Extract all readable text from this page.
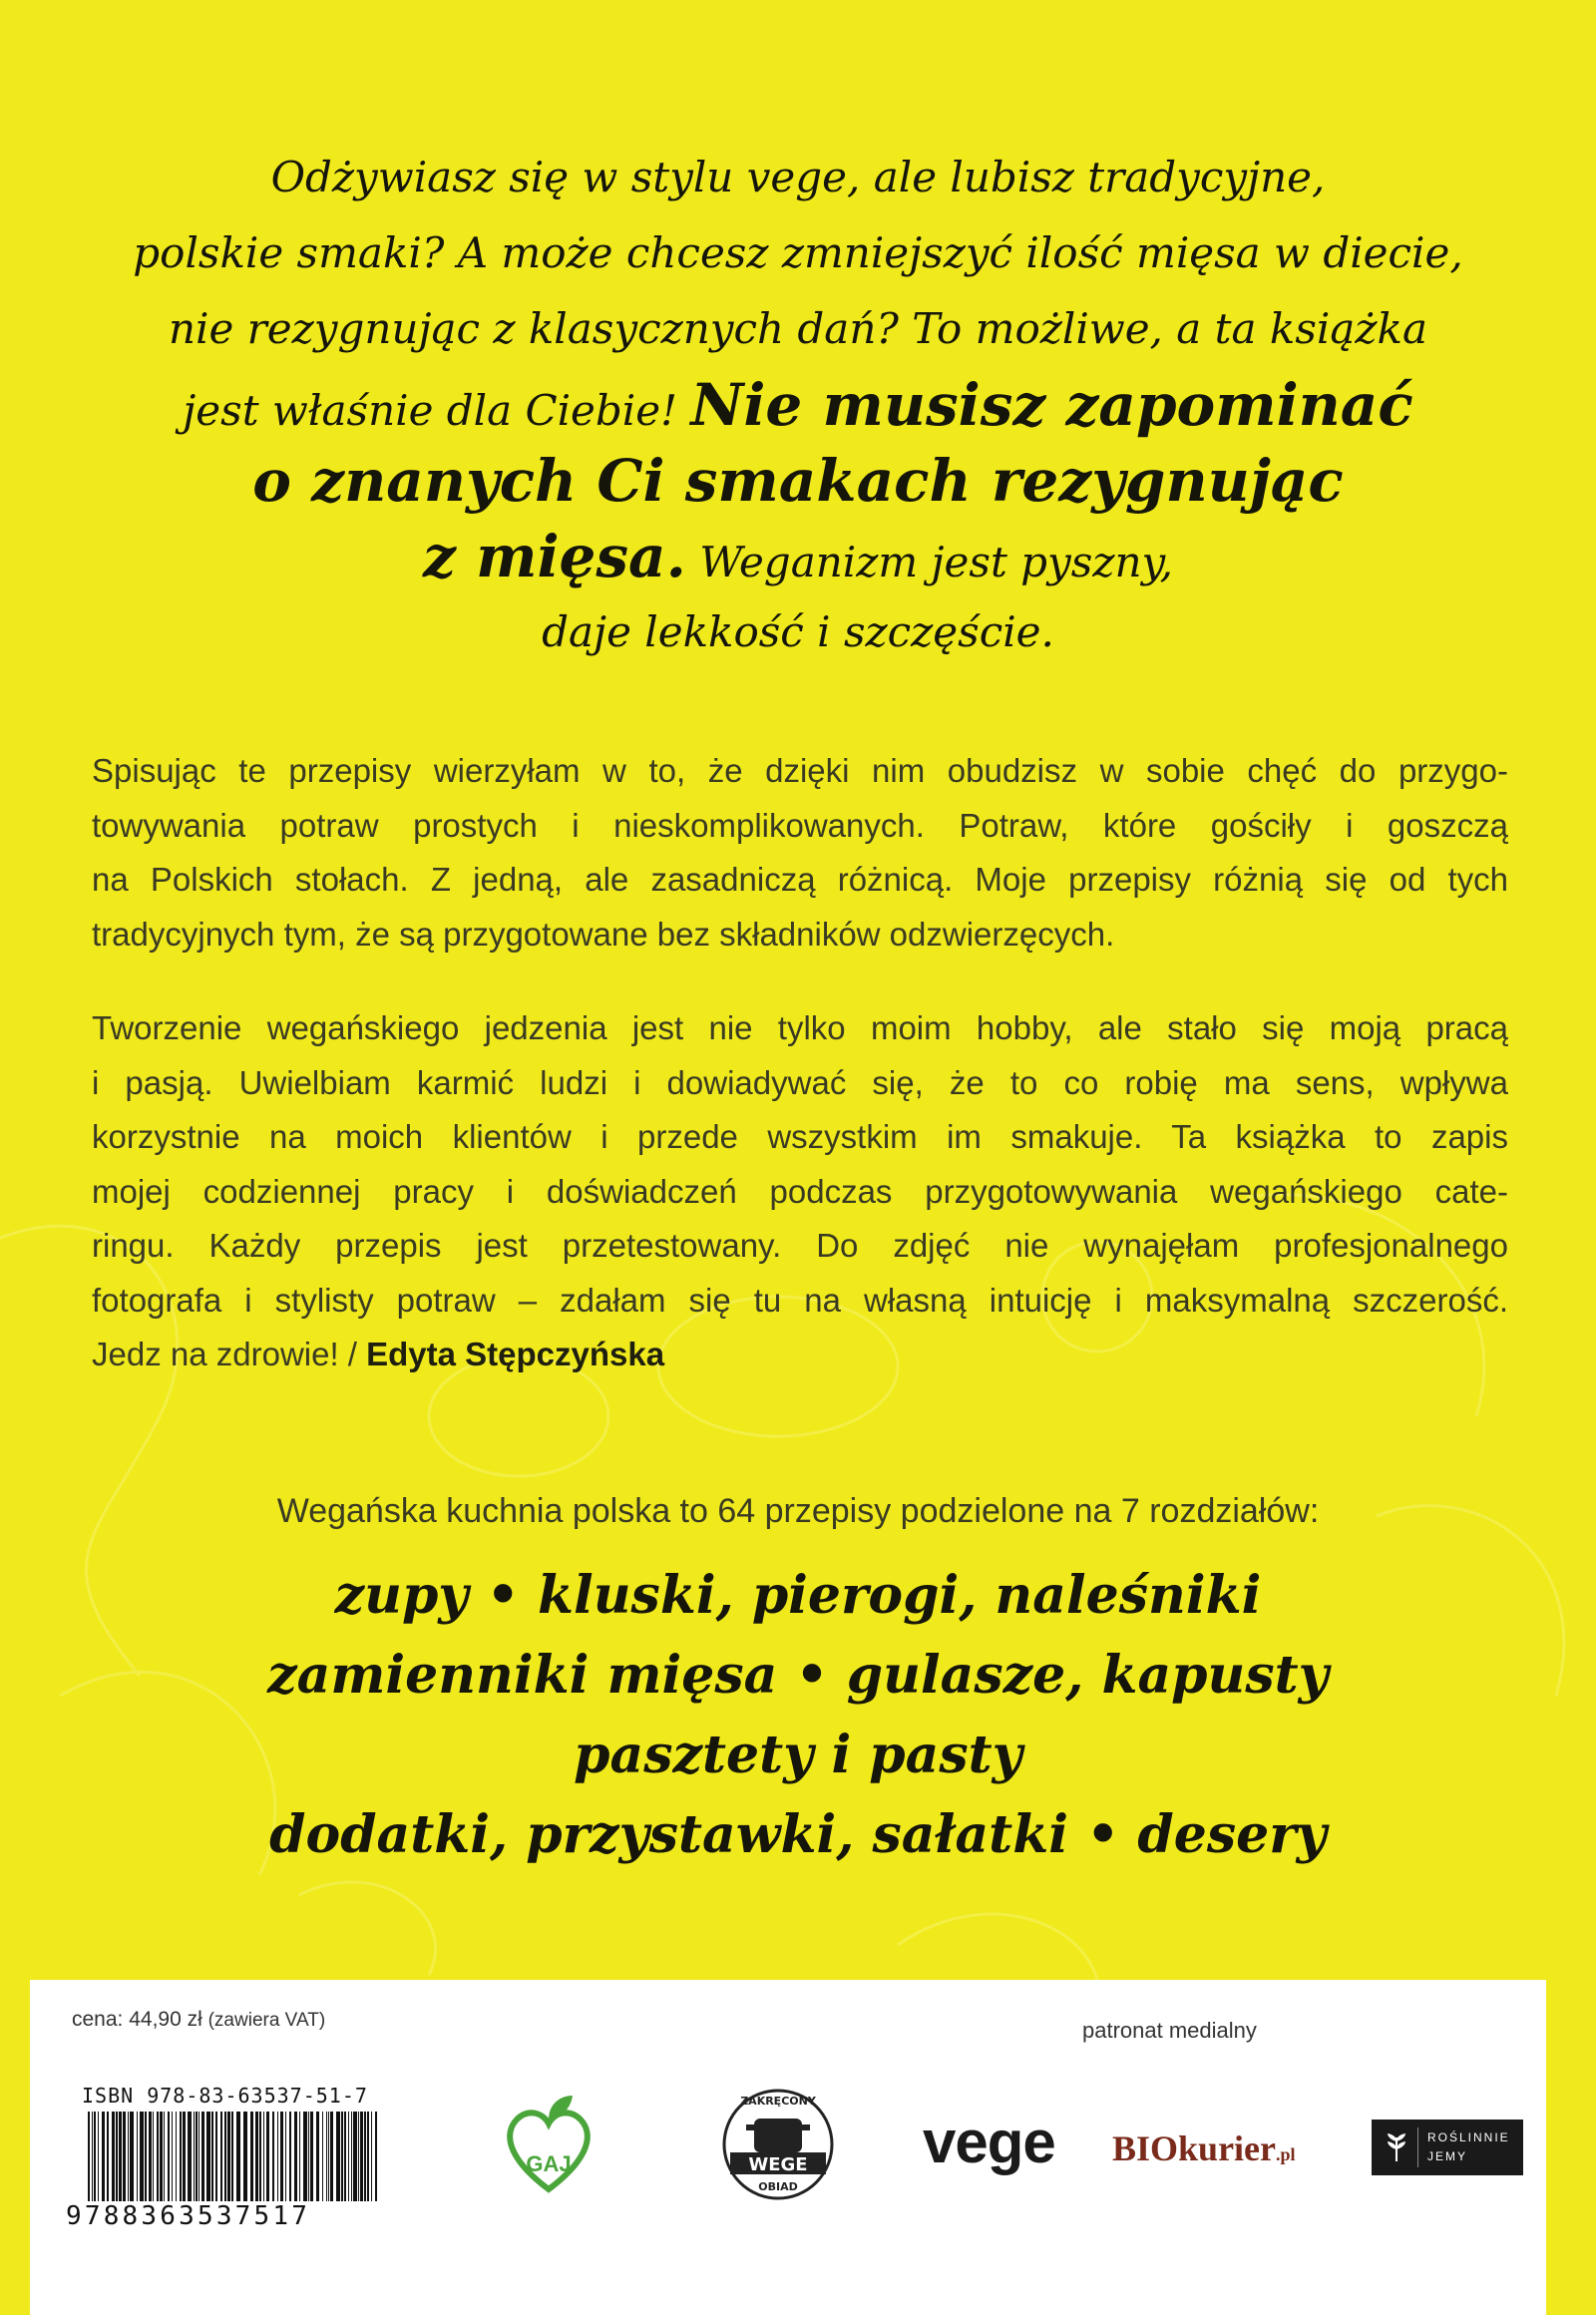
Odżywiasz się w stylu vege, ale lubisz tradycyjne,
polskie smaki? A może chcesz zmniejszyć ilość mięsa w diecie,
nie rezygnując z klasycznych dań? To możliwe, a ta książka
jest właśnie dla Ciebie! Nie musisz zapominać
o znanych Ci smakach rezygnując
z mięsa. Weganizm jest pyszny,
daje lekkość i szczęście.
Spisując te przepisy wierzyłam w to, że dzięki nim obudzisz w sobie chęć do przygo-
towywania potraw prostych i nieskomplikowanych. Potraw, które gościły i goszczą
na Polskich stołach. Z jedną, ale zasadniczą różnicą. Moje przepisy różnią się od tych
tradycyjnych tym, że są przygotowane bez składników odzwierzęcych.
Tworzenie wegańskiego jedzenia jest nie tylko moim hobby, ale stało się moją pracą
i pasją. Uwielbiam karmić ludzi i dowiadywać się, że to co robię ma sens, wpływa
korzystnie na moich klientów i przede wszystkim im smakuje. Ta książka to zapis
mojej codziennej pracy i doświadczeń podczas przygotowywania wegańskiego cate-
ringu. Każdy przepis jest przetestowany. Do zdjęć nie wynajęłam profesjonalnego
fotografa i stylisty potraw – zdałam się tu na własną intuicję i maksymalną szczerość.
Jedz na zdrowie! / Edyta Stępczyńska
Wegańska kuchnia polska to 64 przepisy podzielone na 7 rozdziałów:
zupy • kluski, pierogi, naleśniki
zamienniki mięsa • gulasze, kapusty
pasztety i pasty
dodatki, przystawki, sałatki • desery
cena: 44,90 zł (zawiera VAT)
ISBN 978-83-63537-51-7
9788363537517
patronat medialny
GAJ
ZAKRĘCONY
WEGE
OBIAD
vege BIOkurier.pl
ROŚLINNIE
JEMY
